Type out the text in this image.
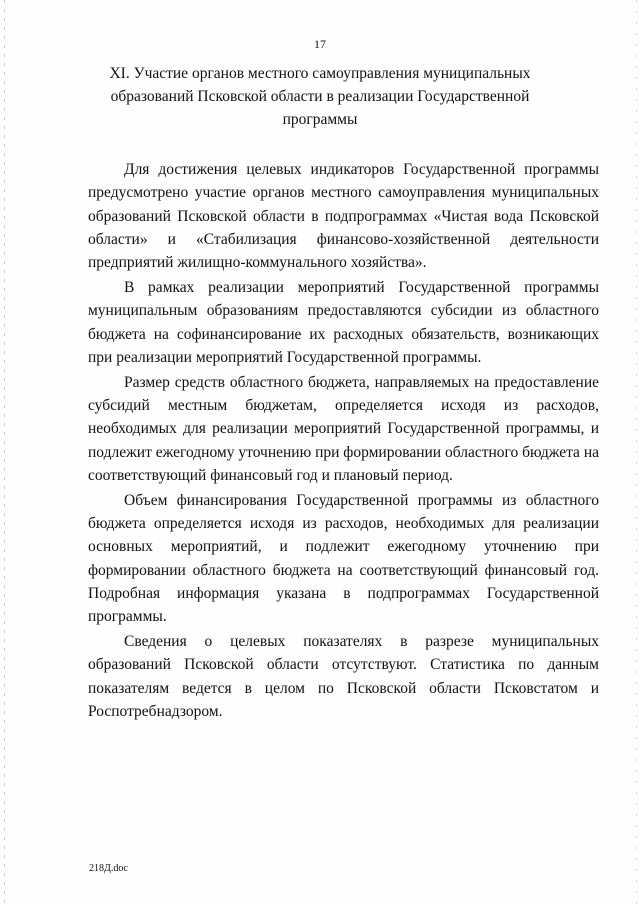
17
XI. Участие органов местного самоуправления муниципальных образований Псковской области в реализации Государственной программы

Для достижения целевых индикаторов Государственной программы предусмотрено участие органов местного самоуправления муниципальных образований Псковской области в подпрограммах «Чистая вода Псковской области» и «Стабилизация финансово-хозяйственной деятельности предприятий жилищно-коммунального хозяйства».

В рамках реализации мероприятий Государственной программы муниципальным образованиям предоставляются субсидии из областного бюджета на софинансирование их расходных обязательств, возникающих при реализации мероприятий Государственной программы.

Размер средств областного бюджета, направляемых на предоставление субсидий местным бюджетам, определяется исходя из расходов, необходимых для реализации мероприятий Государственной программы, и подлежит ежегодному уточнению при формировании областного бюджета на соответствующий финансовый год и плановый период.

Объем финансирования Государственной программы из областного бюджета определяется исходя из расходов, необходимых для реализации основных мероприятий, и подлежит ежегодному уточнению при формировании областного бюджета на соответствующий финансовый год. Подробная информация указана в подпрограммах Государственной программы.

Сведения о целевых показателях в разрезе муниципальных образований Псковской области отсутствуют. Статистика по данным показателям ведется в целом по Псковской области Псковстатом и Роспотребнадзором.

218Д.doc
